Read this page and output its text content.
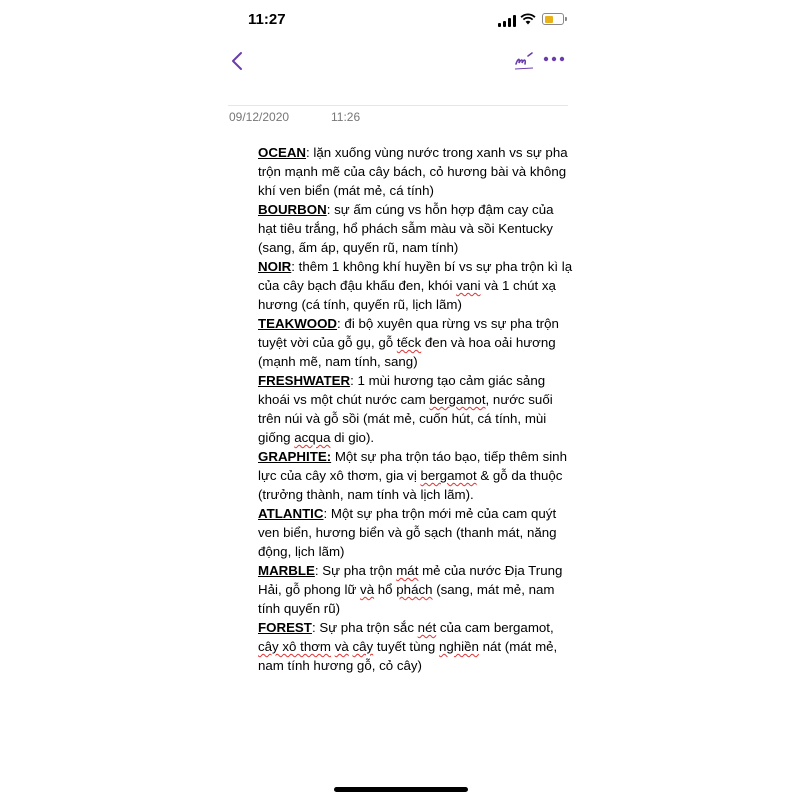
11:27
09/12/2020	11:26

OCEAN: lặn xuống vùng nước trong xanh vs sự pha trộn mạnh mẽ của cây bách, cỏ hương bài và không khí ven biển (mát mẻ, cá tính)

BOURBON: sự ấm cúng vs hỗn hợp đậm cay của hạt tiêu trắng, hổ phách sẫm màu và sồi Kentucky (sang, ấm áp, quyến rũ, nam tính)

NOIR: thêm 1 không khí huyền bí vs sự pha trộn kì lạ của cây bạch đậu khấu đen, khói vani và 1 chút xạ hương (cá tính, quyến rũ, lịch lãm)

TEAKWOOD: đi bộ xuyên qua rừng vs sự pha trộn tuyệt vời của gỗ gụ, gỗ tếck đen và hoa oải hương (mạnh mẽ, nam tính, sang)

FRESHWATER: 1 mùi hương tạo cảm giác sảng khoái vs một chút nước cam bergamot, nước suối trên núi và gỗ sồi (mát mẻ, cuốn hút, cá tính, mùi giống acqua di gio).

GRAPHITE: Một sự pha trộn táo bạo, tiếp thêm sinh lực của cây xô thơm, gia vị bergamot & gỗ da thuộc (trưởng thành, nam tính và lịch lãm).

ATLANTIC: Một sự pha trộn mới mẻ của cam quýt ven biển, hương biển và gỗ sạch (thanh mát, năng động, lịch lãm)

MARBLE: Sự pha trộn mát mẻ của nước Địa Trung Hải, gỗ phong lữ và hổ phách (sang, mát mẻ, nam tính quyến rũ)

FOREST: Sự pha trộn sắc nét của cam bergamot, cây xô thơm và cây tuyết tùng nghiền nát (mát mẻ, nam tính hương gỗ, cỏ cây)
